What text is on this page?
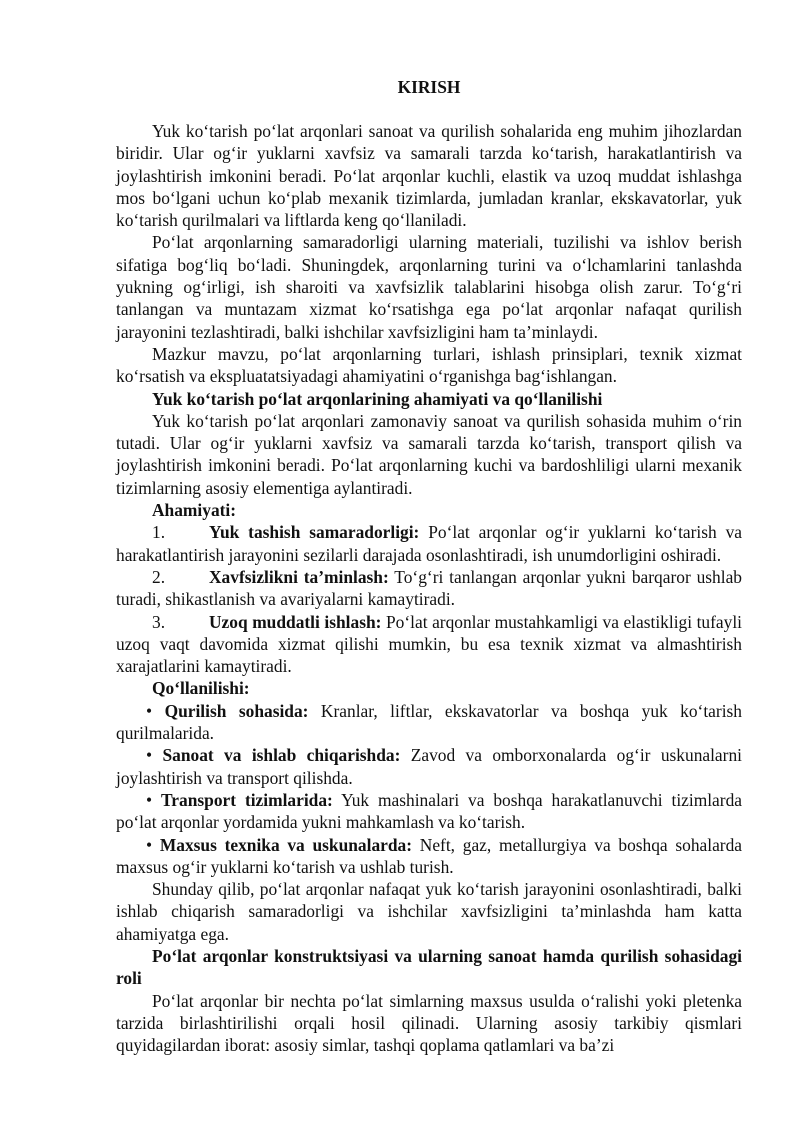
KIRISH

Yuk ko‘tarish po‘lat arqonlari sanoat va qurilish sohalarida eng muhim jihozlardan biridir. Ular og‘ir yuklarni xavfsiz va samarali tarzda ko‘tarish, harakatlantirish va joylashtirish imkonini beradi. Po‘lat arqonlar kuchli, elastik va uzoq muddat ishlashga mos bo‘lgani uchun ko‘plab mexanik tizimlarda, jumladan kranlar, ekskavatorlar, yuk ko‘tarish qurilmalari va liftlarda keng qo‘llaniladi.

Po‘lat arqonlarning samaradorligi ularning materiali, tuzilishi va ishlov berish sifatiga bog‘liq bo‘ladi. Shuningdek, arqonlarning turini va o‘lchamlarini tanlashda yukning og‘irligi, ish sharoiti va xavfsizlik talablarini hisobga olish zarur. To‘g‘ri tanlangan va muntazam xizmat ko‘rsatishga ega po‘lat arqonlar nafaqat qurilish jarayonini tezlashtiradi, balki ishchilar xavfsizligini ham ta’minlaydi.

Mazkur mavzu, po‘lat arqonlarning turlari, ishlash prinsiplari, texnik xizmat ko‘rsatish va ekspluatatsiyadagi ahamiyatini o‘rganishga bag‘ishlangan.

Yuk ko‘tarish po‘lat arqonlarining ahamiyati va qo‘llanilishi

Yuk ko‘tarish po‘lat arqonlari zamonaviy sanoat va qurilish sohasida muhim o‘rin tutadi. Ular og‘ir yuklarni xavfsiz va samarali tarzda ko‘tarish, transport qilish va joylashtirish imkonini beradi. Po‘lat arqonlarning kuchi va bardoshliligi ularni mexanik tizimlarning asosiy elementiga aylantiradi.

Ahamiyati:

1.	Yuk tashish samaradorligi: Po‘lat arqonlar og‘ir yuklarni ko‘tarish va harakatlantirish jarayonini sezilarli darajada osonlashtiradi, ish unumdorligini oshiradi.

2.	Xavfsizlikni ta’minlash: To‘g‘ri tanlangan arqonlar yukni barqaror ushlab turadi, shikastlanish va avariyalarni kamaytiradi.

3.	Uzoq muddatli ishlash: Po‘lat arqonlar mustahkamligi va elastikligi tufayli uzoq vaqt davomida xizmat qilishi mumkin, bu esa texnik xizmat va almashtirish xarajatlarini kamaytiradi.

Qo‘llanilishi:

• Qurilish sohasida: Kranlar, liftlar, ekskavatorlar va boshqa yuk ko‘tarish qurilmalarida.

• Sanoat va ishlab chiqarishda: Zavod va omborxonalarda og‘ir uskunalarni joylashtirish va transport qilishda.

• Transport tizimlarida: Yuk mashinalari va boshqa harakatlanuvchi tizimlarda po‘lat arqonlar yordamida yukni mahkamlash va ko‘tarish.

• Maxsus texnika va uskunalarda: Neft, gaz, metallurgiya va boshqa sohalarda maxsus og‘ir yuklarni ko‘tarish va ushlab turish.

Shunday qilib, po‘lat arqonlar nafaqat yuk ko‘tarish jarayonini osonlashtiradi, balki ishlab chiqarish samaradorligi va ishchilar xavfsizligini ta’minlashda ham katta ahamiyatga ega.

Po‘lat arqonlar konstruktsiyasi va ularning sanoat hamda qurilish sohasidagi roli

Po‘lat arqonlar bir nechta po‘lat simlarning maxsus usulda o‘ralishi yoki pletenka tarzida birlashtirilishi orqali hosil qilinadi. Ularning asosiy tarkibiy qismlari quyidagilardan iborat: asosiy simlar, tashqi qoplama qatlamlari va ba’zi
